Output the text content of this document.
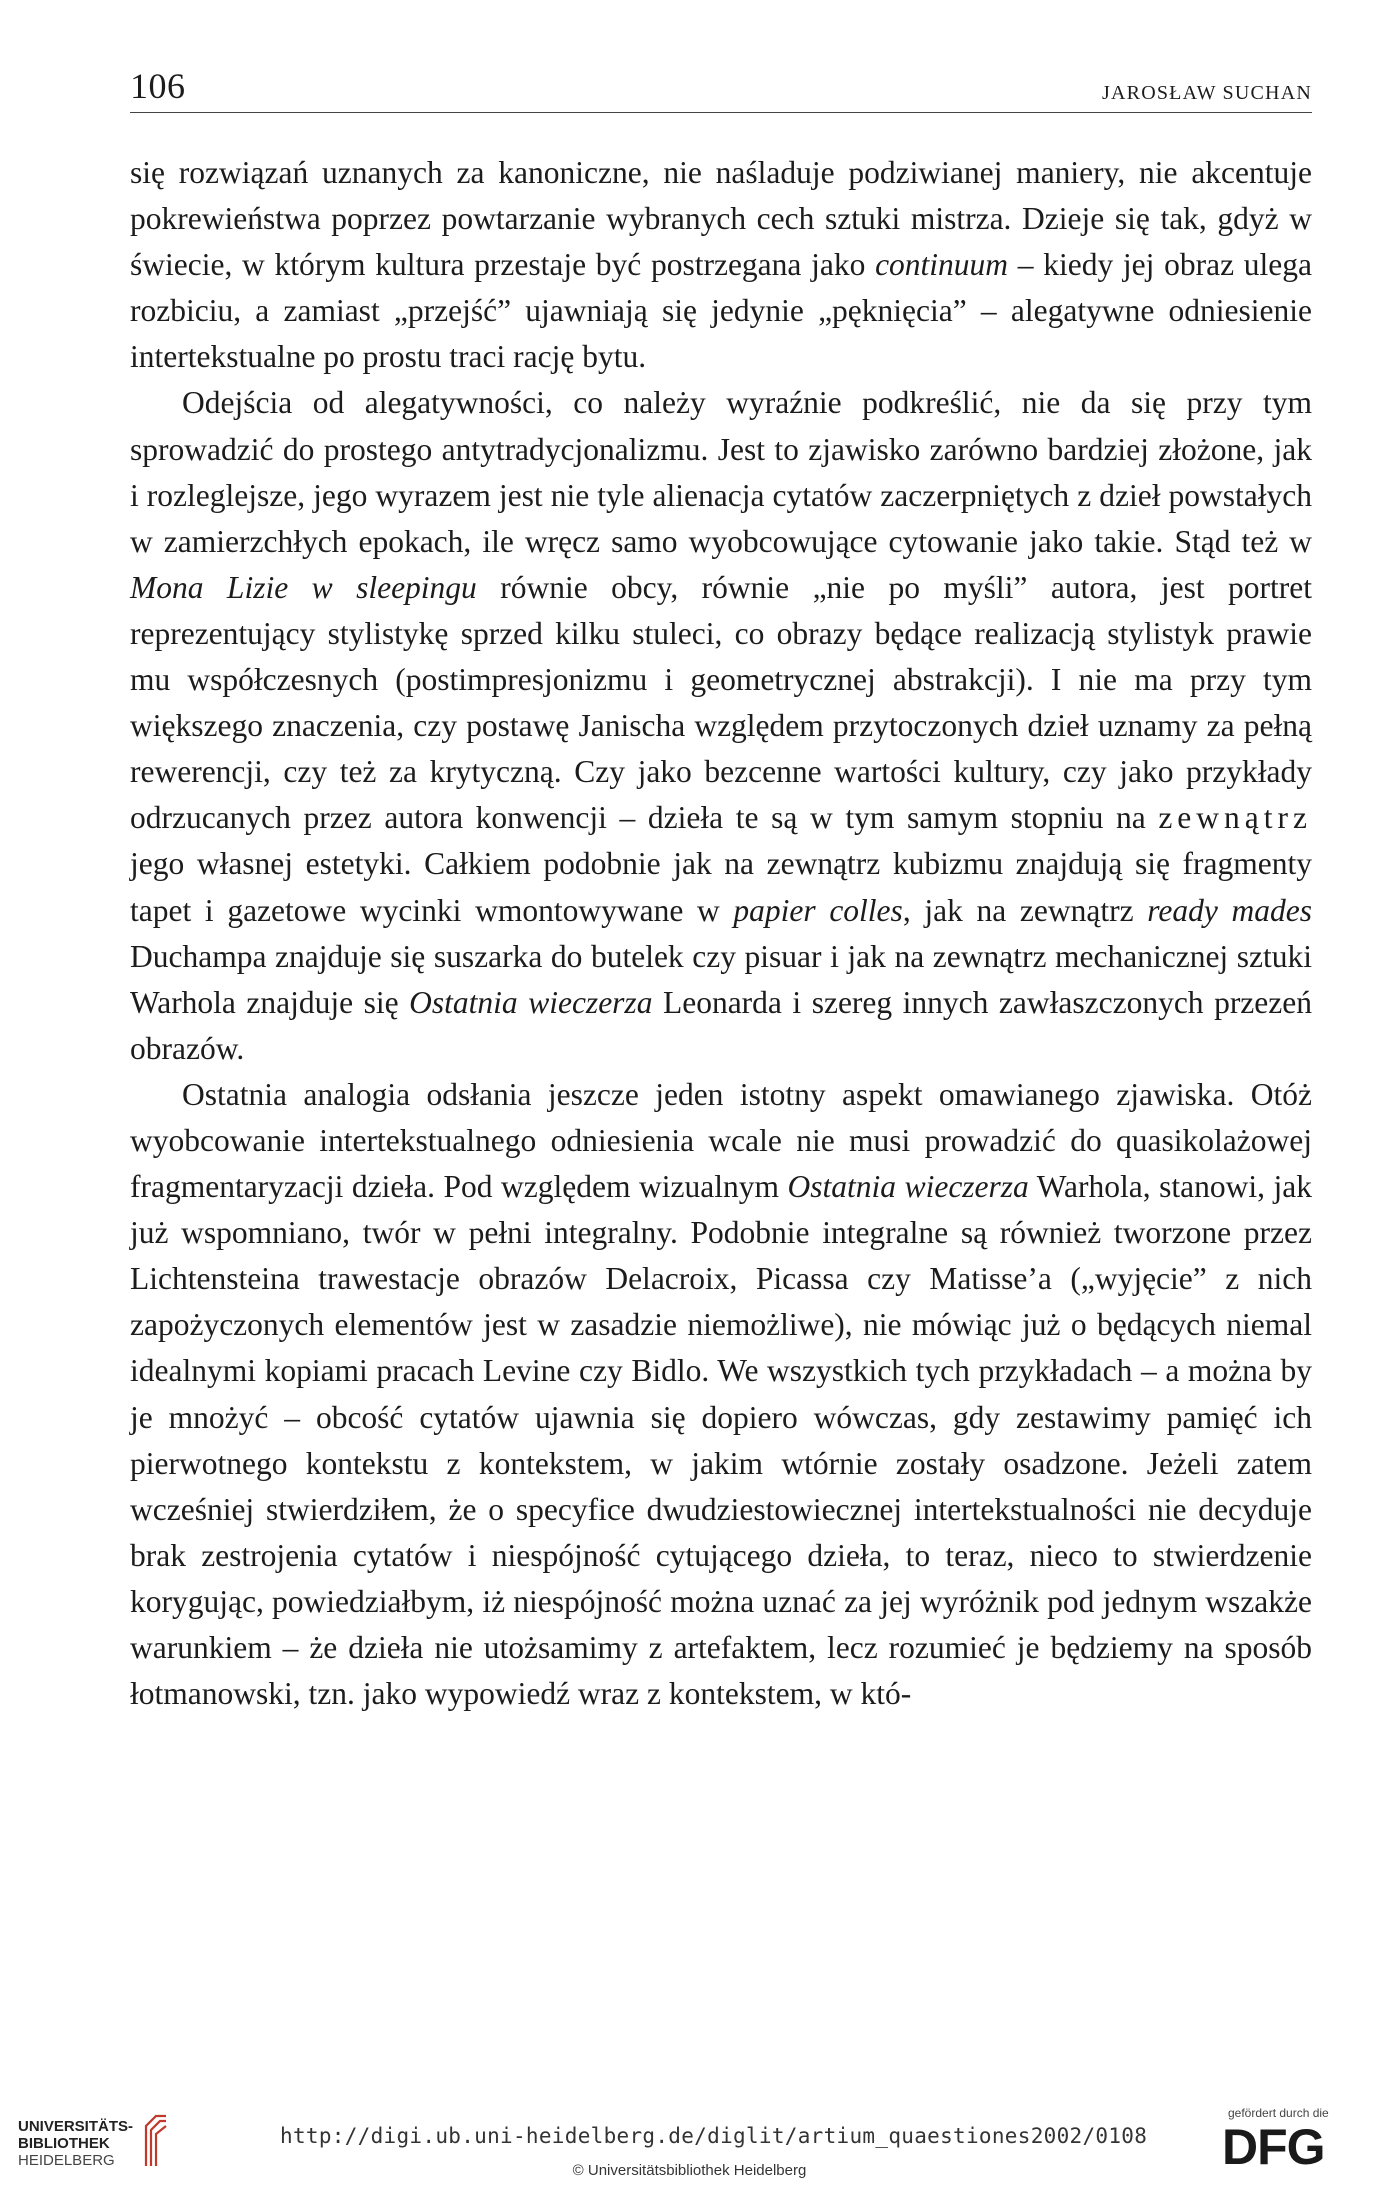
106	JAROSŁAW SUCHAN

się rozwiązań uznanych za kanoniczne, nie naśladuje podziwianej maniery, nie akcentuje pokrewieństwa poprzez powtarzanie wybranych cech sztuki mistrza. Dzieje się tak, gdyż w świecie, w którym kultura przestaje być postrzegana jako continuum – kiedy jej obraz ulega rozbiciu, a zamiast „przejść” ujawniają się jedynie „pęknięcia” – alegatywne odniesienie intertekstualne po prostu traci rację bytu.

Odejścia od alegatywności, co należy wyraźnie podkreślić, nie da się przy tym sprowadzić do prostego antytradycjonalizmu. Jest to zjawisko zarówno bardziej złożone, jak i rozleglejsze, jego wyrazem jest nie tyle alienacja cytatów zaczerpniętych z dzieł powstałych w zamierzchłych epokach, ile wręcz samo wyobcowujące cytowanie jako takie. Stąd też w Mona Lizie w sleepingu równie obcy, równie „nie po myśli” autora, jest portret reprezentujący stylistykę sprzed kilku stuleci, co obrazy będące realizacją stylistyk prawie mu współczesnych (postimpresjonizmu i geometrycznej abstrakcji). I nie ma przy tym większego znaczenia, czy postawę Janischa względem przytoczonych dzieł uznamy za pełną rewerencji, czy też za krytyczną. Czy jako bezcenne wartości kultury, czy jako przykłady odrzucanych przez autora konwencji – dzieła te są w tym samym stopniu na zewnątrz jego własnej estetyki. Całkiem podobnie jak na zewnątrz kubizmu znajdują się fragmenty tapet i gazetowe wycinki wmontowywane w papier colles, jak na zewnątrz ready mades Duchampa znajduje się suszarka do butelek czy pisuar i jak na zewnątrz mechanicznej sztuki Warhola znajduje się Ostatnia wieczerza Leonarda i szereg innych zawłaszczonych przezeń obrazów.

Ostatnia analogia odsłania jeszcze jeden istotny aspekt omawianego zjawiska. Otóż wyobcowanie intertekstualnego odniesienia wcale nie musi prowadzić do quasikolażowej fragmentaryzacji dzieła. Pod względem wizualnym Ostatnia wieczerza Warhola, stanowi, jak już wspomniano, twór w pełni integralny. Podobnie integralne są również tworzone przez Lichtensteina trawestacje obrazów Delacroix, Picassa czy Matisse’a („wyjęcie” z nich zapożyczonych elementów jest w zasadzie niemożliwe), nie mówiąc już o będących niemal idealnymi kopiami pracach Levine czy Bidlo. We wszystkich tych przykładach – a można by je mnożyć – obcość cytatów ujawnia się dopiero wówczas, gdy zestawimy pamięć ich pierwotnego kontekstu z kontekstem, w jakim wtórnie zostały osadzone. Jeżeli zatem wcześniej stwierdziłem, że o specyfice dwudziestowiecznej intertekstualności nie decyduje brak zestrojenia cytatów i niespójność cytującego dzieła, to teraz, nieco to stwierdzenie korygując, powiedziałbym, iż niespójność można uznać za jej wyróżnik pod jednym wszakże warunkiem – że dzieła nie utożsamimy z artefaktem, lecz rozumieć je będziemy na sposób łotmanowski, tzn. jako wypowiedź wraz z kontekstem, w któ-

UNIVERSITÄTS-
BIBLIOTHEK
HEIDELBERG
http://digi.ub.uni-heidelberg.de/diglit/artium_quaestiones2002/0108
© Universitätsbibliothek Heidelberg
gefördert durch die
DFG
